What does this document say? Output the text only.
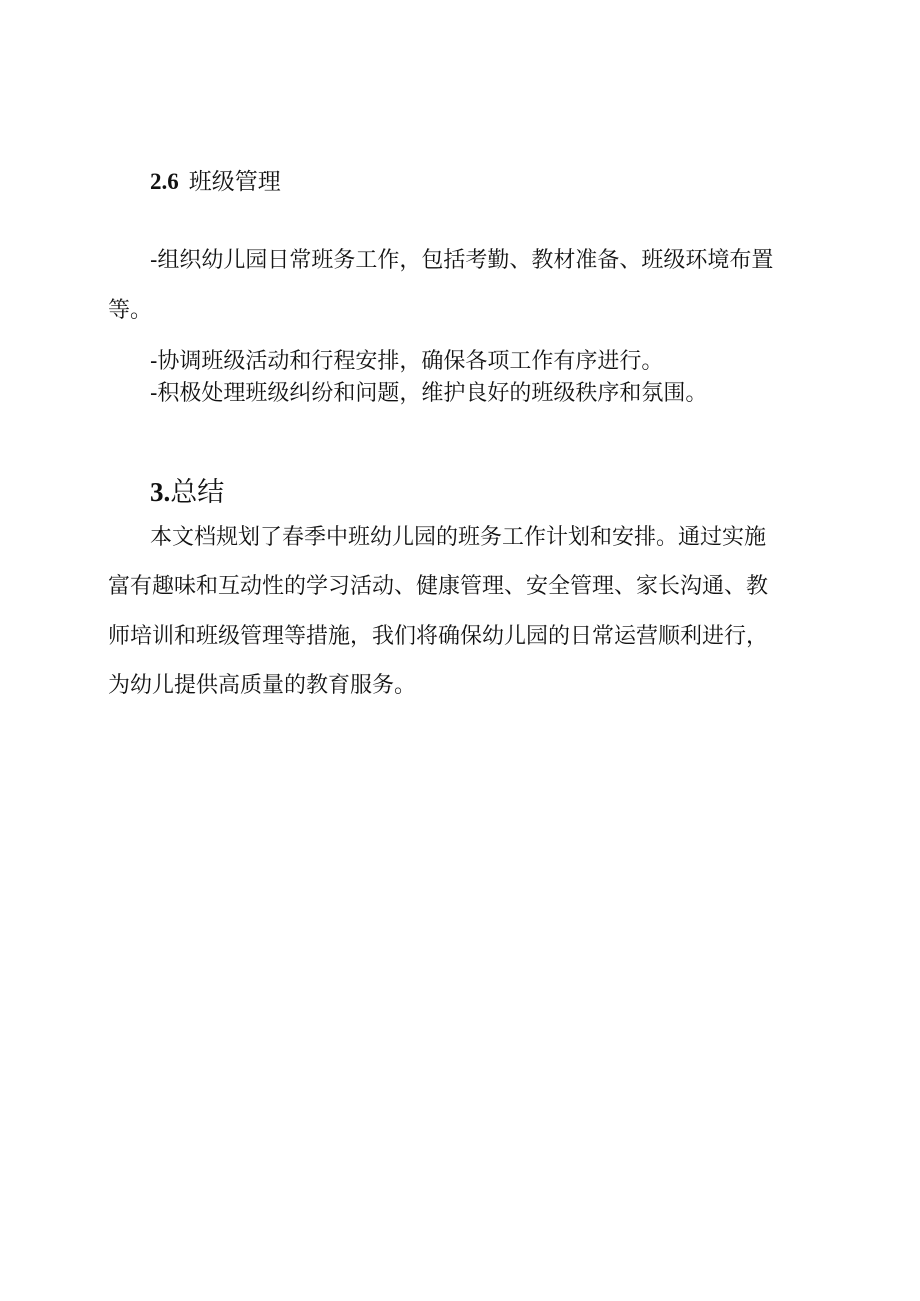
2.6 班级管理
-组织幼儿园日常班务工作，包括考勤、教材准备、班级环境布置
等。
-协调班级活动和行程安排，确保各项工作有序进行。
-积极处理班级纠纷和问题，维护良好的班级秩序和氛围。
3.总结
本文档规划了春季中班幼儿园的班务工作计划和安排。通过实施
富有趣味和互动性的学习活动、健康管理、安全管理、家长沟通、教
师培训和班级管理等措施，我们将确保幼儿园的日常运营顺利进行，
为幼儿提供高质量的教育服务。
